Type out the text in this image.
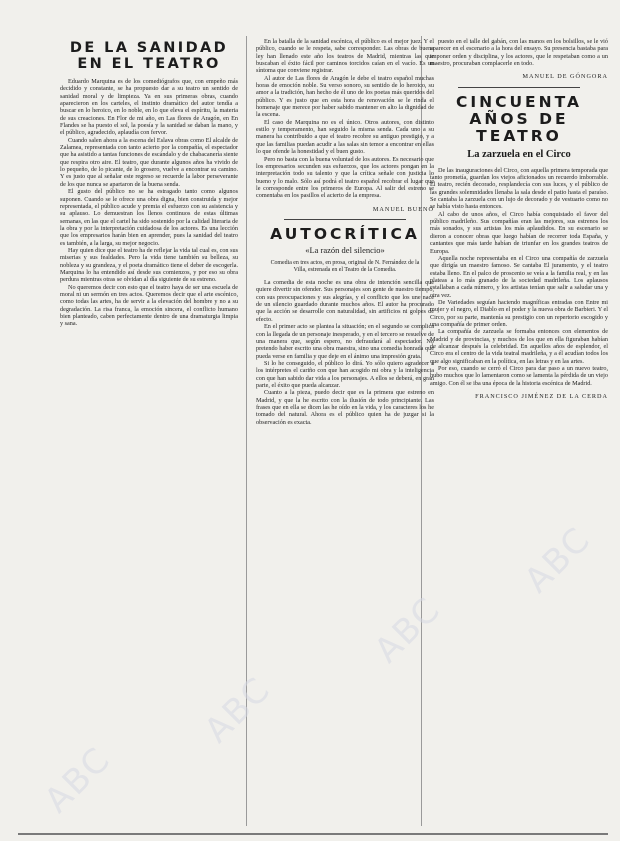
DE LA SANIDAD EN EL TEATRO

Eduardo Marquina es de los comediógrafos que, con empeño más decidido y constante, se ha propuesto dar a su teatro un sentido de sanidad moral y de limpieza. Ya en sus primeras obras, cuando aparecieron en los carteles, el instinto dramático del autor tendía a buscar en lo heroico, en lo noble, en lo que eleva el espíritu, la materia de sus creaciones. En Flor de mi año, en Las flores de Aragón, en En Flandes se ha puesto el sol, la poesía y la sanidad se daban la mano, y el público, agradecido, aplaudía con fervor.

Cuando salen ahora a la escena del Eslava obras como El alcalde de Zalamea, representada con tanto acierto por la compañía, el espectador que ha asistido a tantas funciones de escándalo y de chabacanería siente que respira otro aire. El teatro, que durante algunos años ha vivido de lo pequeño, de lo picante, de lo grosero, vuelve a encontrar su camino. Y es justo que al señalar este regreso se recuerde la labor perseverante de los que nunca se apartaron de la buena senda.

El gusto del público no se ha estragado tanto como algunos suponen. Cuando se le ofrece una obra digna, bien construida y mejor representada, el público acude y premia el esfuerzo con su asistencia y su aplauso. Lo demuestran los llenos continuos de estas últimas semanas, en las que el cartel ha sido sostenido por la calidad literaria de la obra y por la interpretación cuidadosa de los actores. Es una lección que los empresarios harán bien en aprender, pues la sanidad del teatro es también, a la larga, su mejor negocio.

Hay quien dice que el teatro ha de reflejar la vida tal cual es, con sus miserias y sus fealdades. Pero la vida tiene también su belleza, su nobleza y su grandeza, y el poeta dramático tiene el deber de escogerla. Marquina lo ha entendido así desde sus comienzos, y por eso su obra perdura mientras otras se olvidan al día siguiente de su estreno.

No queremos decir con esto que el teatro haya de ser una escuela de moral ni un sermón en tres actos. Queremos decir que el arte escénico, como todas las artes, ha de servir a la elevación del hombre y no a su degradación. La risa franca, la emoción sincera, el conflicto humano bien planteado, caben perfectamente dentro de una dramaturgia limpia y sana.

En la batalla de la sanidad escénica, el público es el mejor juez. Y el público, cuando se le respeta, sabe corresponder. Las obras de buena ley han llenado este año los teatros de Madrid, mientras las que buscaban el éxito fácil por caminos torcidos caían en el vacío. Es un síntoma que conviene registrar.

Al autor de Las flores de Aragón le debe el teatro español muchas horas de emoción noble. Su verso sonoro, su sentido de lo heroico, su amor a la tradición, han hecho de él uno de los poetas más queridos del público. Y es justo que en esta hora de renovación se le rinda el homenaje que merece por haber sabido mantener en alto la dignidad de la escena.

El caso de Marquina no es el único. Otros autores, con distinto estilo y temperamento, han seguido la misma senda. Cada uno a su manera ha contribuido a que el teatro recobre su antiguo prestigio, y a que las familias puedan acudir a las salas sin temor a encontrar en ellas lo que ofende la honestidad y el buen gusto.

Pero no basta con la buena voluntad de los autores. Es necesario que los empresarios secunden sus esfuerzos, que los actores pongan en la interpretación todo su talento y que la crítica señale con justicia lo bueno y lo malo. Sólo así podrá el teatro español recobrar el lugar que le corresponde entre los primeros de Europa. Al salir del estreno se comentaba en los pasillos el acierto de la empresa.

MANUEL BUENO
AUTOCRÍTICA
«La razón del silencio»
Comedia en tres actos, en prosa, original de N. Fernández de la Villa, estrenada en el Teatro de la Comedia.

La comedia de esta noche es una obra de intención sencilla que quiere divertir sin ofender. Sus personajes son gente de nuestro tiempo, con sus preocupaciones y sus alegrías, y el conflicto que los une nace de un silencio guardado durante muchos años. El autor ha procurado que la acción se desarrolle con naturalidad, sin artificios ni golpes de efecto.

En el primer acto se plantea la situación; en el segundo se complica con la llegada de un personaje inesperado, y en el tercero se resuelve de una manera que, según espero, no defraudará al espectador. No pretendo haber escrito una obra maestra, sino una comedia honrada que pueda verse en familia y que deje en el ánimo una impresión grata.

Si lo he conseguido, el público lo dirá. Yo sólo quiero agradecer a los intérpretes el cariño con que han acogido mi obra y la inteligencia con que han sabido dar vida a los personajes. A ellos se deberá, en gran parte, el éxito que pueda alcanzar.

Cuanto a la pieza, puedo decir que es la primera que estreno en Madrid, y que la he escrito con la ilusión de todo principiante. Las frases que en ella se dicen las he oído en la vida, y los caracteres los he tomado del natural. Ahora es el público quien ha de juzgar si la observación es exacta.

puesto en el talle del gabán, con las manos en los bolsillos, se le vió aparecer en el escenario a la hora del ensayo. Su presencia bastaba para imponer orden y disciplina, y los actores, que le respetaban como a un maestro, procuraban complacerle en todo.

MANUEL DE GÓNGORA
CINCUENTA AÑOS DE TEATRO
La zarzuela en el Circo

De las inauguraciones del Circo, con aquella primera temporada que tanto prometía, guardan los viejos aficionados un recuerdo imborrable. El teatro, recién decorado, resplandecía con sus luces, y el público de las grandes solemnidades llenaba la sala desde el patio hasta el paraíso. Se cantaba la zarzuela con un lujo de decorado y de vestuario como no se había visto hasta entonces.

Al cabo de unos años, el Circo había conquistado el favor del público madrileño. Sus compañías eran las mejores, sus estrenos los más sonados, y sus artistas los más aplaudidos. En su escenario se dieron a conocer obras que luego habían de recorrer toda España, y cantantes que más tarde habían de triunfar en los grandes teatros de Europa.

Aquella noche representaba en el Circo una compañía de zarzuela que dirigía un maestro famoso. Se cantaba El juramento, y el teatro estaba lleno. En el palco de proscenio se veía a la familia real, y en las plateas a lo más granado de la sociedad madrileña. Los aplausos estallaban a cada número, y los artistas tenían que salir a saludar una y otra vez.

De Variedades seguían haciendo magníficas entradas con Entre mi mujer y el negro, el Diablo en el poder y la nueva obra de Barbieri. Y el Circo, por su parte, mantenía su prestigio con un repertorio escogido y una compañía de primer orden.

La compañía de zarzuela se formaba entonces con elementos de Madrid y de provincias, y muchos de los que en ella figuraban habían de alcanzar después la celebridad. En aquellos años de esplendor, el Circo era el centro de la vida teatral madrileña, y a él acudían todos los que algo significaban en la política, en las letras y en las artes.

Por eso, cuando se cerró el Circo para dar paso a un nuevo teatro, hubo muchos que lo lamentaron como se lamenta la pérdida de un viejo amigo. Con él se iba una época de la historia escénica de Madrid.

FRANCISCO JIMÉNEZ DE LA CERDA
ABC
ABC
ABC
ABC
